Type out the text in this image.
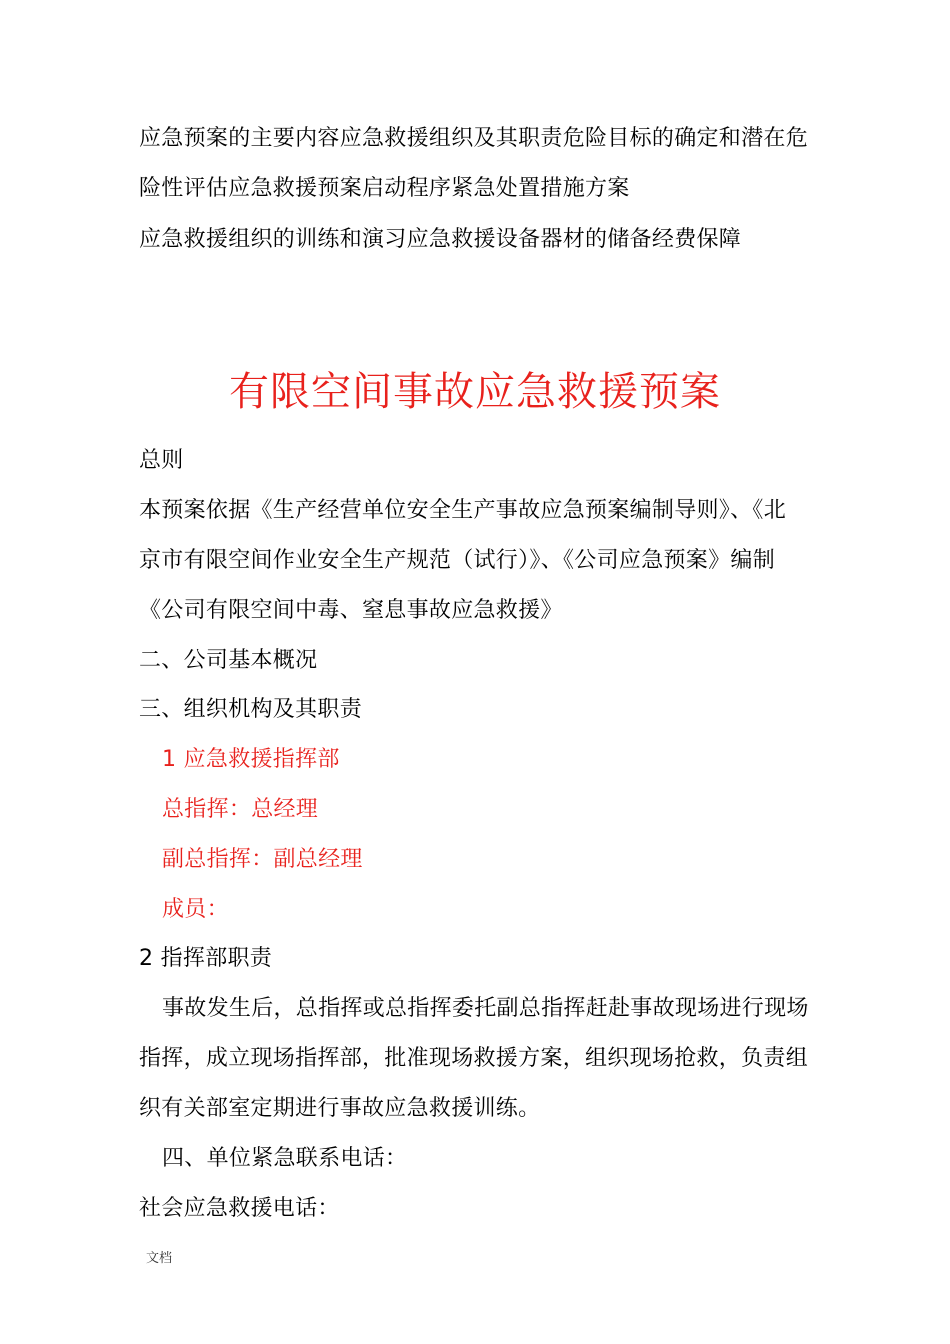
应急预案的主要内容应急救援组织及其职责危险目标的确定和潜在危
险性评估应急救援预案启动程序紧急处置措施方案
应急救援组织的训练和演习应急救援设备器材的储备经费保障
有限空间事故应急救援预案
总则
本预案依据《生产经营单位安全生产事故应急预案编制导则》、《北
京市有限空间作业安全生产规范（试行）》、《公司应急预案》编制
《公司有限空间中毒、窒息事故应急救援》
二、公司基本概况
三、组织机构及其职责
1 应急救援指挥部
总指挥：总经理
副总指挥：副总经理
成员：
2 指挥部职责
事故发生后，总指挥或总指挥委托副总指挥赶赴事故现场进行现场
指挥，成立现场指挥部，批准现场救援方案，组织现场抢救，负责组
织有关部室定期进行事故应急救援训练。
四、单位紧急联系电话：
社会应急救援电话：
文档
